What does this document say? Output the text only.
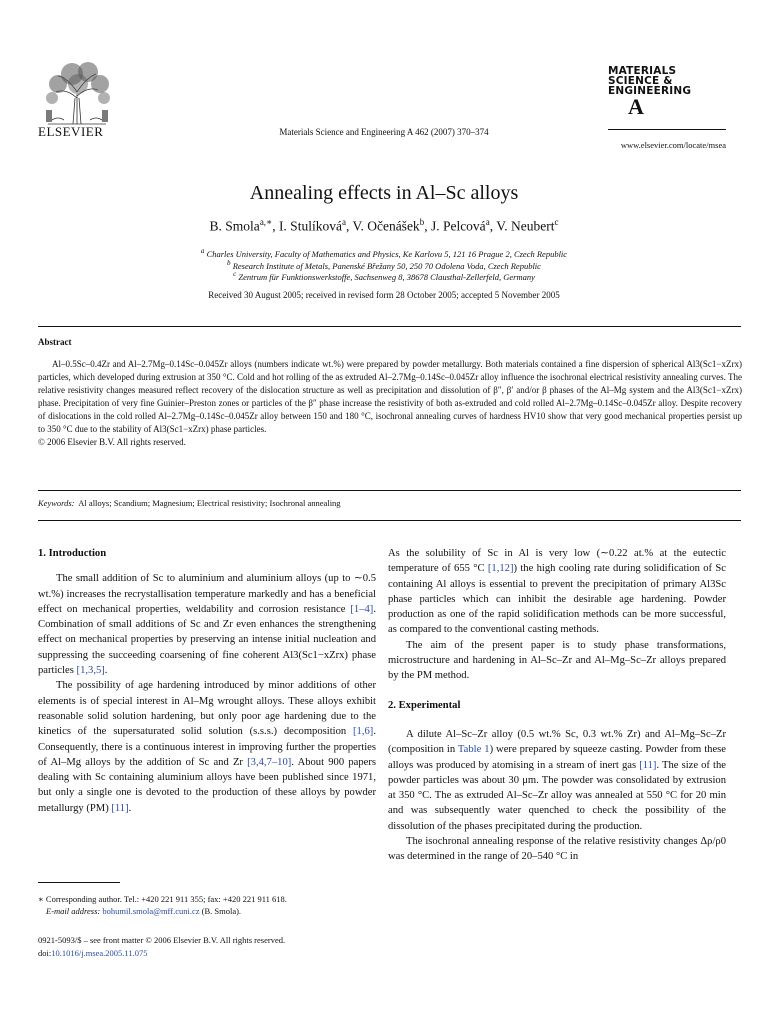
ELSEVIER	Materials Science and Engineering A 462 (2007) 370–374
MATERIALS
SCIENCE &
ENGINEERING
A
www.elsevier.com/locate/msea
Annealing effects in Al–Sc alloys
B. Smola$^{a,∗}$, I. Stulíková$^a$, V. Očenášek$^b$, J. Pelcová$^a$, V. Neubert$^c$
$^a$ Charles University, Faculty of Mathematics and Physics, Ke Karlovu 5, 121 16 Prague 2, Czech Republic
$^b$ Research Institute of Metals, Panenské Břežany 50, 250 70 Odolena Voda, Czech Republic
$^c$ Zentrum für Funktionswerkstoffe, Sachsenweg 8, 38678 Clausthal-Zellerfeld, Germany
Received 30 August 2005; received in revised form 28 October 2005; accepted 5 November 2005
Abstract

Al–0.5Sc–0.4Zr and Al–2.7Mg–0.14Sc–0.045Zr alloys (numbers indicate wt.%) were prepared by powder metallurgy. Both materials contained a fine dispersion of spherical Al3(Sc1−xZrx) particles, which developed during extrusion at 350 °C. Cold and hot rolling of the as extruded Al–2.7Mg–0.14Sc–0.045Zr alloy influence the isochronal electrical resistivity annealing curves. The relative resistivity changes measured reflect recovery of the dislocation structure as well as precipitation and dissolution of β″, β′ and/or β phases of the Al–Mg system and the Al3(Sc1−xZrx) phase. Precipitation of very fine Guinier–Preston zones or particles of the β″ phase increase the resistivity of both as-extruded and cold rolled Al–2.7Mg–0.14Sc–0.045Zr alloy. Despite recovery of dislocations in the cold rolled Al–2.7Mg–0.14Sc–0.045Zr alloy between 150 and 180 °C, isochronal annealing curves of hardness HV10 show that very good mechanical properties persist up to 350 °C due to the stability of Al3(Sc1−xZrx) phase particles.

© 2006 Elsevier B.V. All rights reserved.
Keywords: Al alloys; Scandium; Magnesium; Electrical resistivity; Isochronal annealing
1. Introduction

The small addition of Sc to aluminium and aluminium alloys (up to ∼0.5 wt.%) increases the recrystallisation temperature markedly and has a beneficial effect on mechanical properties, weldability and corrosion resistance [1–4]. Combination of small additions of Sc and Zr even enhances the strengthening effect on mechanical properties by preserving an intense initial nucleation and suppressing the succeeding coarsening of fine coherent Al3(Sc1−xZrx) phase particles [1,3,5].

The possibility of age hardening introduced by minor additions of other elements is of special interest in Al–Mg wrought alloys. These alloys exhibit reasonable solid solution hardening, but only poor age hardening due to the kinetics of the supersaturated solid solution (s.s.s.) decomposition [1,6]. Consequently, there is a continuous interest in improving further the properties of Al–Mg alloys by the addition of Sc and Zr [3,4,7–10]. About 900 papers dealing with Sc containing aluminium alloys have been published since 1971, but only a single one is devoted to the production of these alloys by powder metallurgy (PM) [11].

∗ Corresponding author. Tel.: +420 221 911 355; fax: +420 221 911 618.
E-mail address: bohumil.smola@mff.cuni.cz (B. Smola).
0921-5093/$ – see front matter © 2006 Elsevier B.V. All rights reserved.
doi:10.1016/j.msea.2005.11.075

As the solubility of Sc in Al is very low (∼0.22 at.% at the eutectic temperature of 655 °C [1,12]) the high cooling rate during solidification of Sc containing Al alloys is essential to prevent the precipitation of primary Al3Sc phase particles which can inhibit the desirable age hardening. Powder production as one of the rapid solidification methods can be more successful, as compared to the conventional casting methods.

The aim of the present paper is to study phase transformations, microstructure and hardening in Al–Sc–Zr and Al–Mg–Sc–Zr alloys prepared by the PM method.

2. Experimental

A dilute Al–Sc–Zr alloy (0.5 wt.% Sc, 0.3 wt.% Zr) and Al–Mg–Sc–Zr (composition in Table 1) were prepared by squeeze casting. Powder from these alloys was produced by atomising in a stream of inert gas [11]. The size of the powder particles was about 30 μm. The powder was consolidated by extrusion at 350 °C. The as extruded Al–Sc–Zr alloy was annealed at 550 °C for 20 min and was subsequently water quenched to check the possibility of the dissolution of the phases precipitated during the production.

The isochronal annealing response of the relative resistivity changes Δρ/ρ0 was determined in the range of 20–540 °C in
